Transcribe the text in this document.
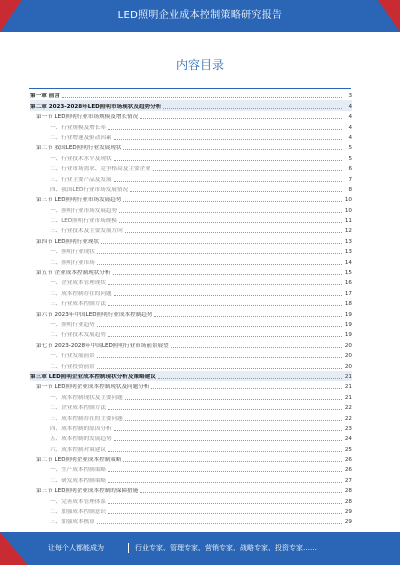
LED照明企业成本控制策略研究报告
内容目录
第一章 前言	3
第二章 2023-2028年LED照明市场现状及趋势分析	4
第一节 LED照明行业市场规模及增长情况	4
一、行业规模及增长率	4
二、行业增速及驱动因素	4
第二节 我国LED照明行业发展现状	5
一、行业技术水平及现状	5
二、行业市场需求、竞争格局及主要企业	6
三、行业主要产品及发展	7
四、我国LED行业市场发展情况	8
第三节 LED照明行业市场发展趋势	10
一、照明行业市场发展趋势	10
二、LED照明行业市场规模	11
三、行业技术及主要发展方向	12
第四节 LED照明行业现状	13
一、照明行业现状	13
二、照明行业市场	14
第五节 企业成本控制现状分析	15
一、企业成本管理现状	16
二、成本控制存在的问题	17
三、行业成本控制方法	18
第六节 2023年中国LED照明行业成本控制趋势	19
一、照明行业趋势	19
二、行业技术发展趋势	19
第七节 2023-2028年中国LED照明行业市场前景展望	20
一、行业发展前景	20
二、行业投资前景	20
第三章 LED照明企业成本控制现状分析及策略建议	21
第一节 LED照明企业成本控制现状及问题分析	21
一、成本控制现状及主要问题	21
二、企业成本控制方法	22
三、成本控制存在的主要问题	22
四、成本控制的原因分析	23
五、成本控制的发展趋势	24
六、成本控制对策建议	25
第二节 LED照明企业成本控制策略	26
一、生产成本控制策略	26
二、研发成本控制策略	27
第三节 LED照明企业成本控制的保障措施	28
一、完善成本管理体系	28
二、加强成本控制意识	29
三、加强成本核算	29
让每个人都能成为	行业专家、管理专家、营销专家、战略专家、投资专家……
